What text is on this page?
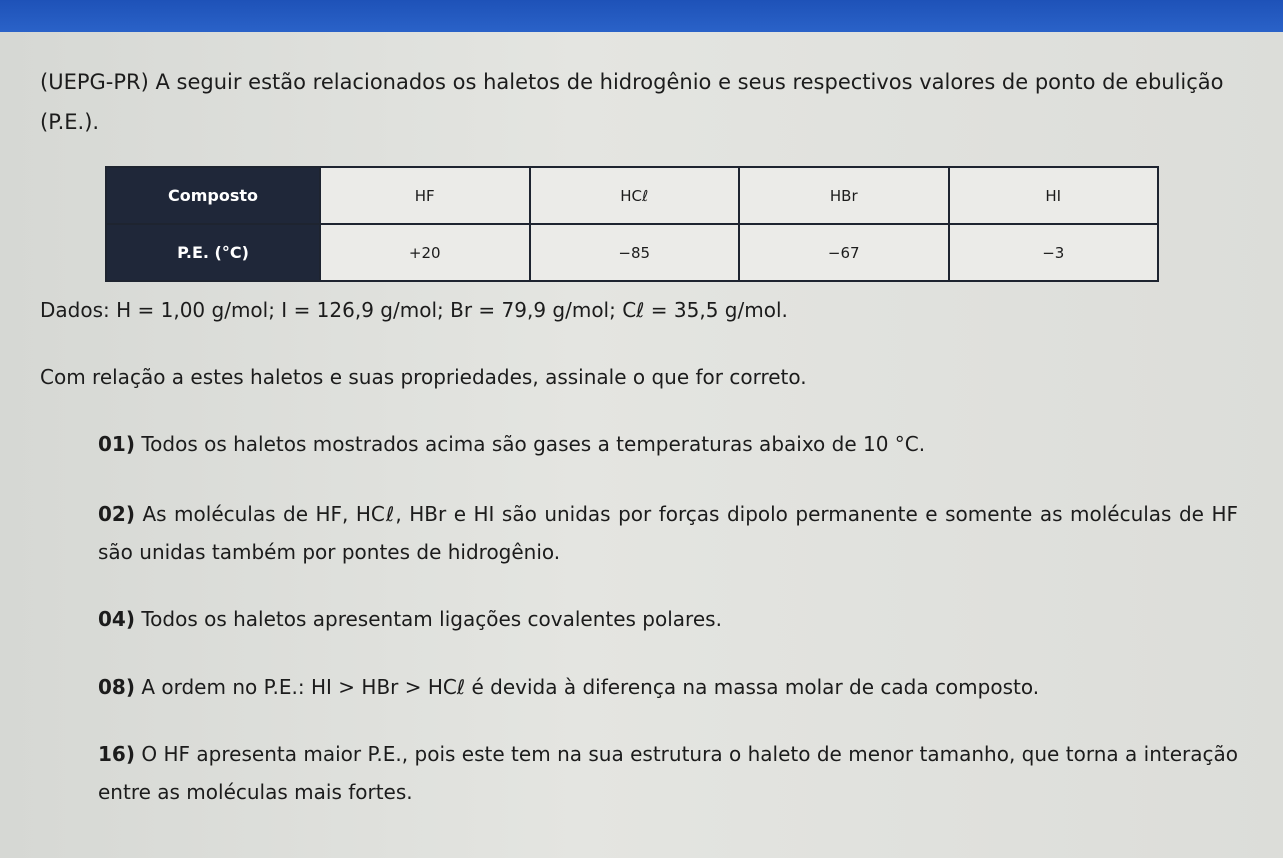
(UEPG-PR) A seguir estão relacionados os haletos de hidrogênio e seus respectivos valores de ponto de ebulição (P.E.).

Composto	HF	HCℓ	HBr	HI
P.E. (°C)	+20	−85	−67	−3

Dados: H = 1,00 g/mol; I = 126,9 g/mol; Br = 79,9 g/mol; Cℓ = 35,5 g/mol.

Com relação a estes haletos e suas propriedades, assinale o que for correto.

01) Todos os haletos mostrados acima são gases a temperaturas abaixo de 10 °C.

02) As moléculas de HF, HCℓ, HBr e HI são unidas por forças dipolo permanente e somente as moléculas de HF são unidas também por pontes de hidrogênio.

04) Todos os haletos apresentam ligações covalentes polares.

08) A ordem no P.E.: HI > HBr > HCℓ é devida à diferença na massa molar de cada composto.

16) O HF apresenta maior P.E., pois este tem na sua estrutura o haleto de menor tamanho, que torna a interação entre as moléculas mais fortes.
